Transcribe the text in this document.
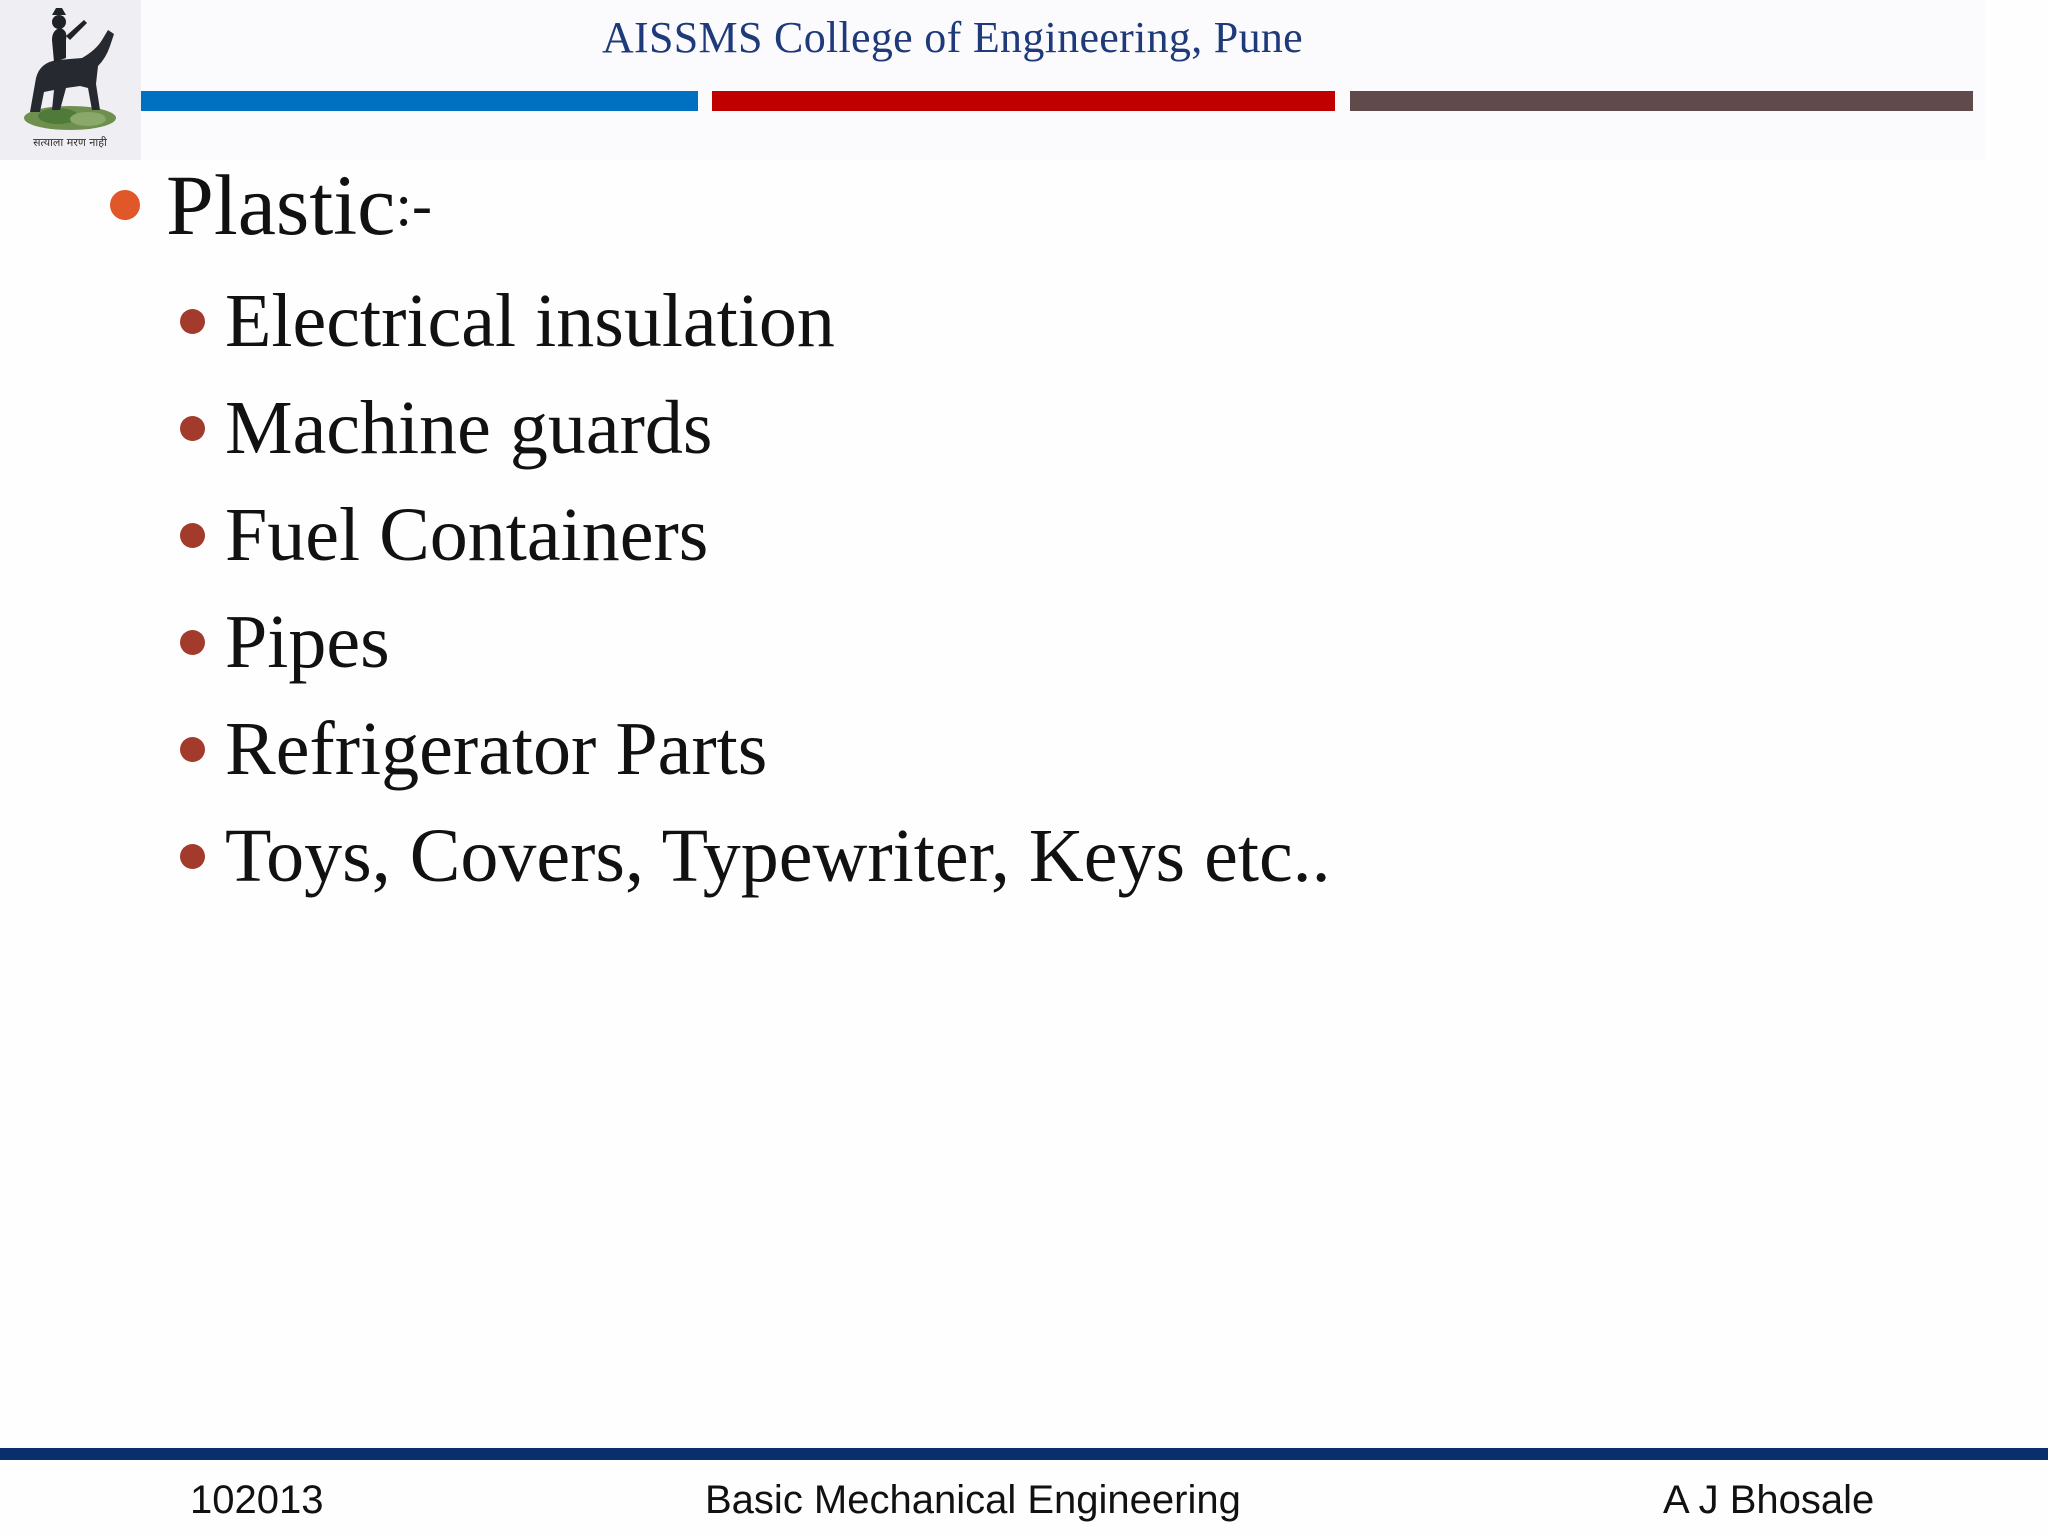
सत्याला मरण नाही
AISSMS College of Engineering, Pune
Plastic :-
Electrical insulation
Machine guards
Fuel Containers
Pipes
Refrigerator Parts
Toys, Covers, Typewriter, Keys etc..
102013	Basic Mechanical Engineering	A J Bhosale
